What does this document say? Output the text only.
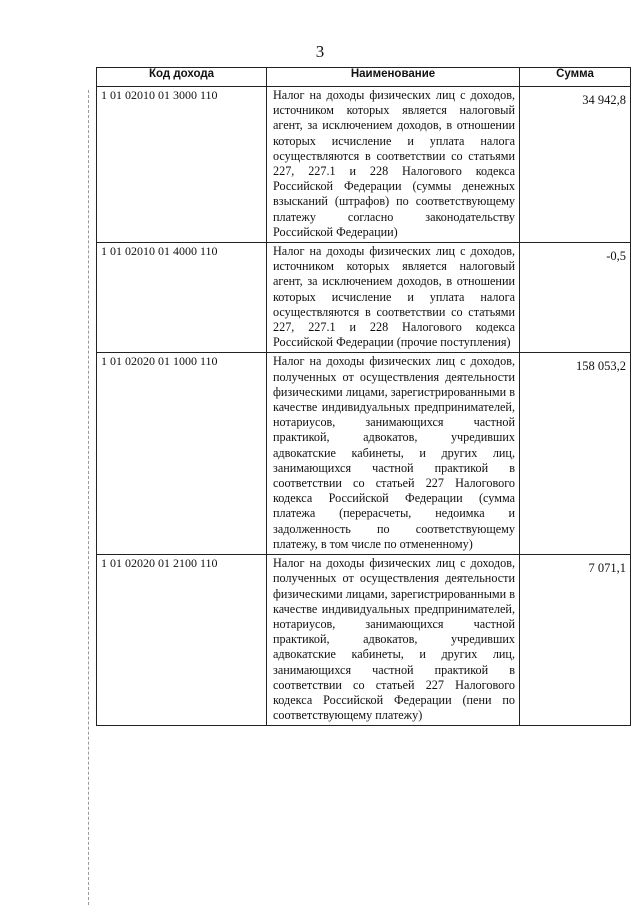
3
Код дохода	Наименование	Сумма
1 01 02010 01 3000 110	Налог на доходы физических лиц с доходов, источником которых является налоговый агент, за исключением доходов, в отношении которых исчисление и уплата налога осуществляются в соответствии со статьями 227, 227.1 и 228 Налогового кодекса Российской Федерации (суммы денежных взысканий (штрафов) по соответствующему платежу согласно законодательству Российской Федерации)	34 942,8
1 01 02010 01 4000 110	Налог на доходы физических лиц с доходов, источником которых является налоговый агент, за исключением доходов, в отношении которых исчисление и уплата налога осуществляются в соответствии со статьями 227, 227.1 и 228 Налогового кодекса Российской Федерации (прочие поступления)	-0,5
1 01 02020 01 1000 110	Налог на доходы физических лиц с доходов, полученных от осуществления деятельности физическими лицами, зарегистрированными в качестве индивидуальных предпринимателей, нотариусов, занимающихся частной практикой, адвокатов, учредивших адвокатские кабинеты, и других лиц, занимающихся частной практикой в соответствии со статьей 227 Налогового кодекса Российской Федерации (сумма платежа (перерасчеты, недоимка и задолженность по соответствующему платежу, в том числе по отмененному)	158 053,2
1 01 02020 01 2100 110	Налог на доходы физических лиц с доходов, полученных от осуществления деятельности физическими лицами, зарегистрированными в качестве индивидуальных предпринимателей, нотариусов, занимающихся частной практикой, адвокатов, учредивших адвокатские кабинеты, и других лиц, занимающихся частной практикой в соответствии со статьей 227 Налогового кодекса Российской Федерации (пени по соответствующему платежу)	7 071,1
